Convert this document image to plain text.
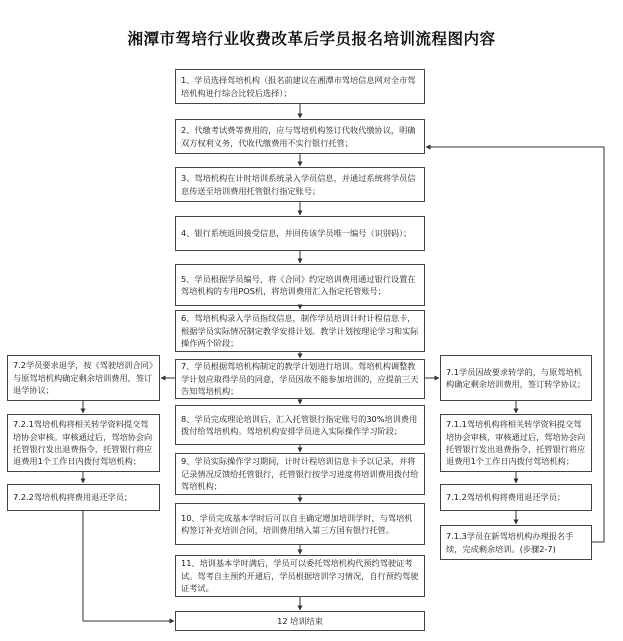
湘潭市驾培行业收费改革后学员报名培训流程图内容
1、学员选择驾培机构（报名前建议在湘潭市驾培信息网对全市驾培机构进行综合比较后选择）；
2、代缴考试费等费用的，应与驾培机构签订代收代缴协议，明确双方权利义务，代收代缴费用不实行银行托管；
3、驾培机构在计时培训系统录入学员信息，并通过系统将学员信息传送至培训费用托管银行指定账号；
4、银行系统返回接受信息，并回传该学员唯一编号（识别码）；
5、学员根据学员编号，将《合同》约定培训费用通过银行设置在驾培机构的专用POS机，将培训费用汇入指定托管账号；
6、驾培机构录入学员指纹信息，制作学员培训计时计程信息卡，根据学员实际情况制定教学安排计划。教学计划按理论学习和实际操作两个阶段；
7、学员根据驾培机构制定的教学计划进行培训。驾培机构调整教学计划应取得学员的同意，学员因故不能参加培训的，应提前三天告知驾培机构；
8、学员完成理论培训后，汇入托管银行指定账号的30%培训费用拨付给驾培机构。驾培机构安排学员进入实际操作学习阶段；
9、学员实际操作学习期间，计时计程培训信息卡予以记录，并将记录情况反馈给托管银行，托管银行按学习进度将培训费用拨付给驾培机构；
10、学员完成基本学时后可以自主确定增加培训学时，与驾培机构签订补充培训合同，培训费用纳入第三方国有银行托管。
11、培训基本学时满后，学员可以委托驾培机构代预约驾驶证考试。驾考自主预约开通后，学员根据培训学习情况，自行预约驾驶证考试。
12 培训结束
7.2学员要求退学，按《驾驶培训合同》与原驾培机构确定剩余培训费用，签订退学协议；
7.2.1驾培机构将相关转学资料提交驾培协会审核。审核通过后，驾培协会向托管银行发出退费指令，托管银行将应退费用1个工作日内拨付驾培机构；
7.2.2驾培机构将费用退还学员；
7.1学员因故要求转学的，与原驾培机构确定剩余培训费用，签订转学协议；
7.1.1驾培机构将相关转学资料提交驾培协会审核，审核通过后，驾培协会向托管银行发出退费指令，托管银行将应退费用1个工作日内拨付驾培机构；
7.1.2驾培机构将费用退还学员；
7.1.3学员在新驾培机构办理报名手续，完成剩余培训。(步骤2-7)
